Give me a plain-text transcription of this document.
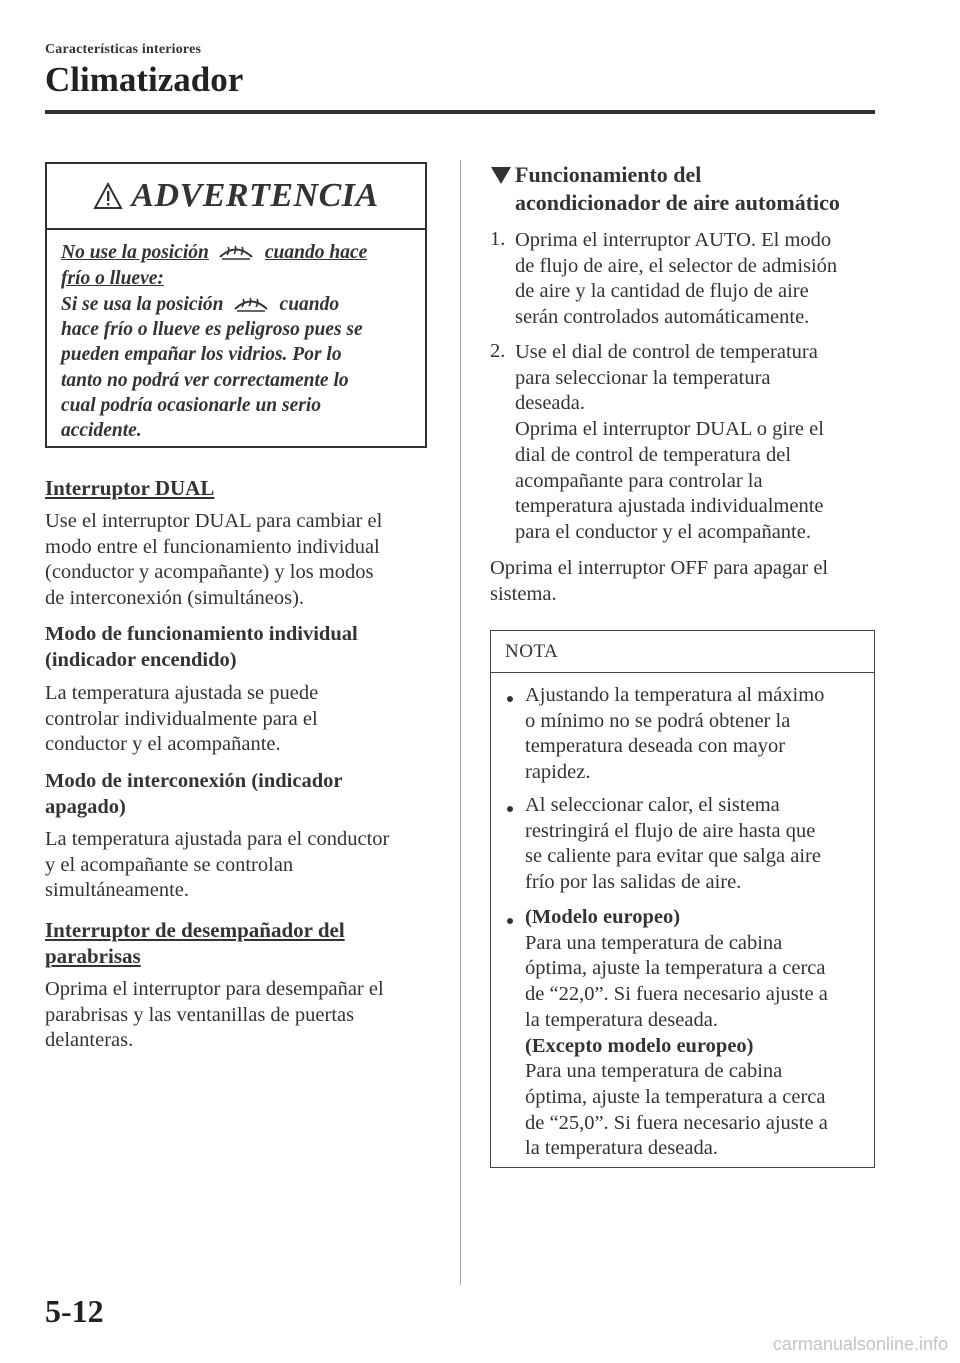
Características interiores
Climatizador
ADVERTENCIA
No use la posición	cuando hace
frío o llueve:
Si se usa la posición	cuando
hace frío o llueve es peligroso pues se
pueden empañar los vidrios. Por lo
tanto no podrá ver correctamente lo
cual podría ocasionarle un serio
accidente.
Interruptor DUAL
Use el interruptor DUAL para cambiar el
modo entre el funcionamiento individual
(conductor y acompañante) y los modos
de interconexión (simultáneos).
Modo de funcionamiento individual
(indicador encendido)
La temperatura ajustada se puede
controlar individualmente para el
conductor y el acompañante.
Modo de interconexión (indicador
apagado)
La temperatura ajustada para el conductor
y el acompañante se controlan
simultáneamente.
Interruptor de desempañador del
parabrisas
Oprima el interruptor para desempañar el
parabrisas y las ventanillas de puertas
delanteras.
Funcionamiento del
acondicionador de aire automático
1. Oprima el interruptor AUTO. El modo
de flujo de aire, el selector de admisión
de aire y la cantidad de flujo de aire
serán controlados automáticamente.
2. Use el dial de control de temperatura
para seleccionar la temperatura
deseada.
Oprima el interruptor DUAL o gire el
dial de control de temperatura del
acompañante para controlar la
temperatura ajustada individualmente
para el conductor y el acompañante.
Oprima el interruptor OFF para apagar el
sistema.
NOTA
Ajustando la temperatura al máximo
o mínimo no se podrá obtener la
temperatura deseada con mayor
rapidez.
Al seleccionar calor, el sistema
restringirá el flujo de aire hasta que
se caliente para evitar que salga aire
frío por las salidas de aire.
(Modelo europeo)
Para una temperatura de cabina
óptima, ajuste la temperatura a cerca
de “22,0”. Si fuera necesario ajuste a
la temperatura deseada.
(Excepto modelo europeo)
Para una temperatura de cabina
óptima, ajuste la temperatura a cerca
de “25,0”. Si fuera necesario ajuste a
la temperatura deseada.
5-12
carmanualsonline.info
